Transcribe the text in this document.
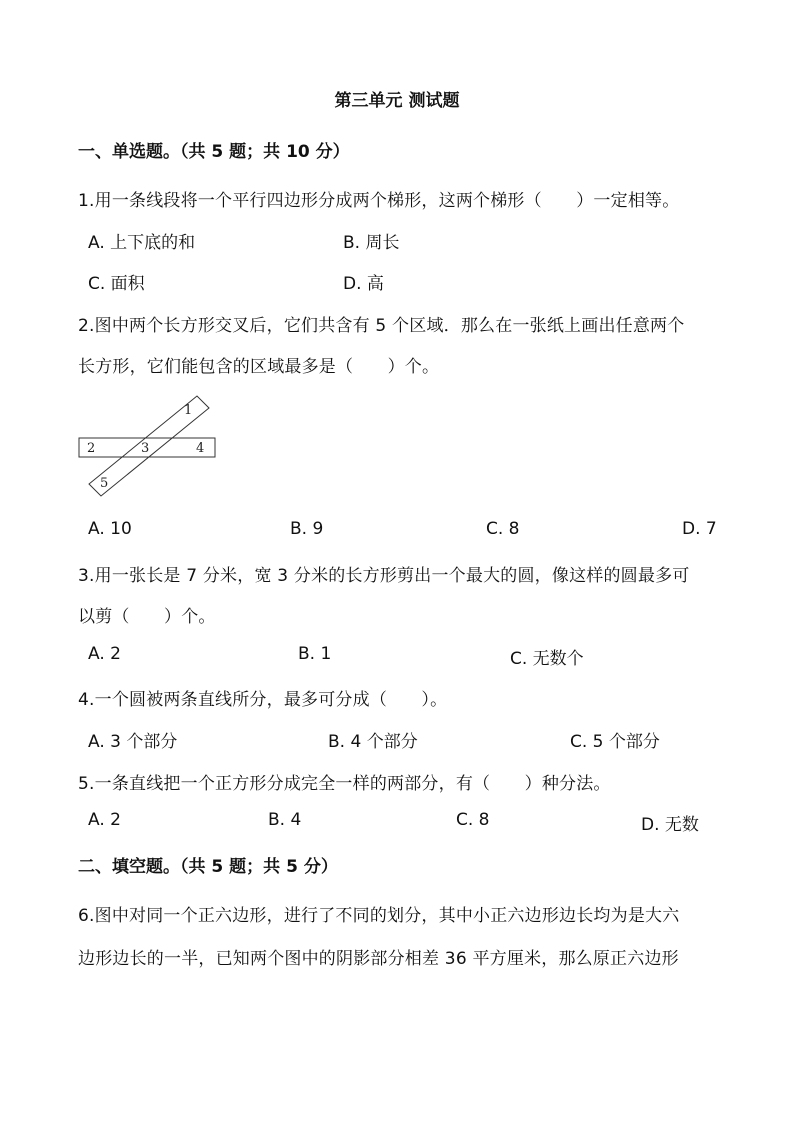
第三单元 测试题
一、单选题。（共 5 题；共 10 分）
1.用一条线段将一个平行四边形分成两个梯形，这两个梯形（　　）一定相等。
A. 上下底的和	B. 周长
C. 面积	D. 高
2.图中两个长方形交叉后，它们共含有 5 个区域．那么在一张纸上画出任意两个
长方形，它们能包含的区域最多是（　　）个。
1
2	3	4
5
A. 10	B. 9	C. 8	D. 7
3.用一张长是 7 分米，宽 3 分米的长方形剪出一个最大的圆，像这样的圆最多可
以剪（　　）个。
A. 2	B. 1	C. 无数个
4.一个圆被两条直线所分，最多可分成（　　）。
A. 3 个部分	B. 4 个部分	C. 5 个部分
5.一条直线把一个正方形分成完全一样的两部分，有（　　）种分法。
A. 2	B. 4	C. 8	D. 无数
二、填空题。（共 5 题；共 5 分）
6.图中对同一个正六边形，进行了不同的划分，其中小正六边形边长均为是大六
边形边长的一半，已知两个图中的阴影部分相差 36 平方厘米，那么原正六边形
